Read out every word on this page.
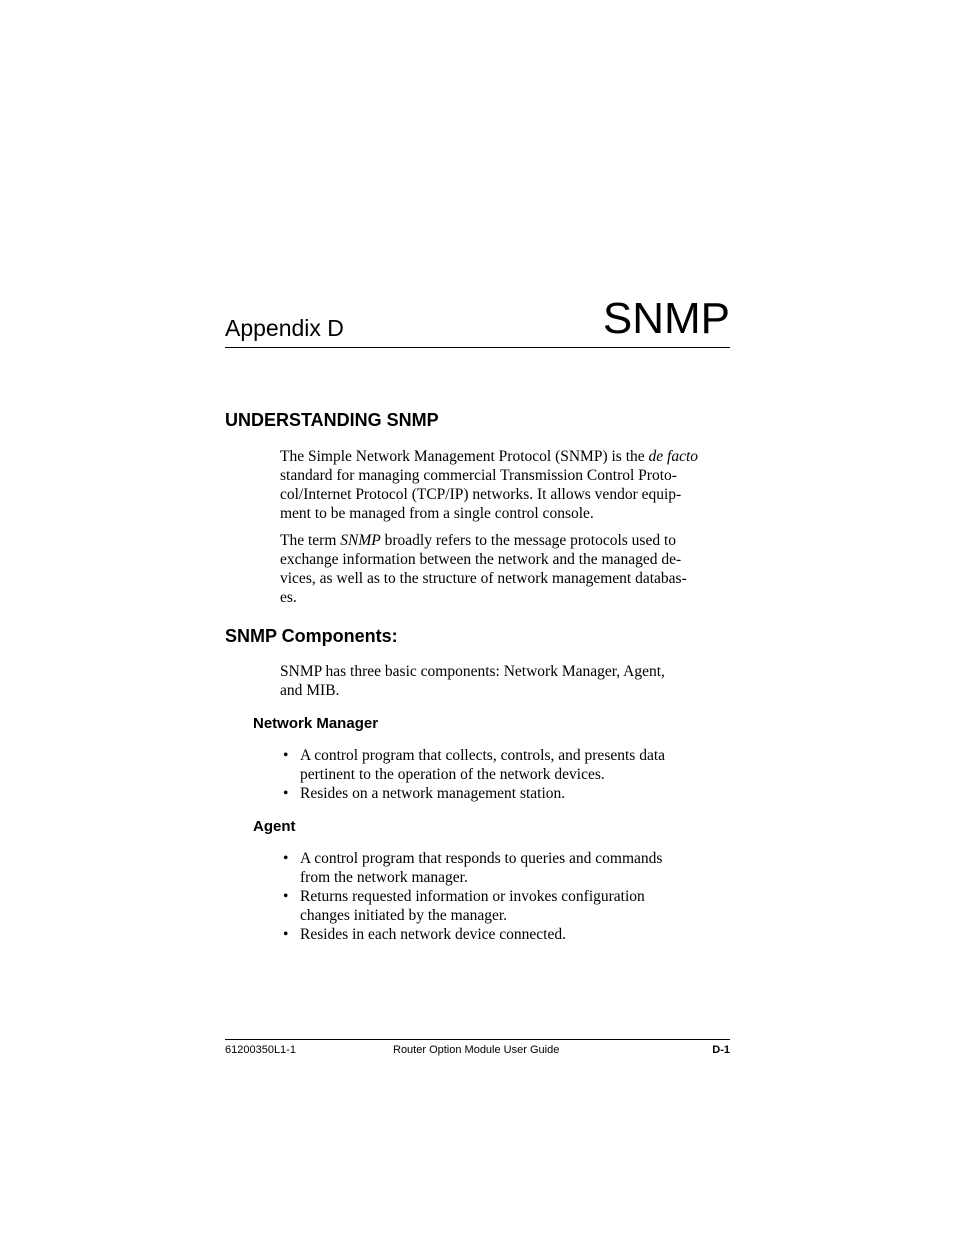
Appendix D	SNMP
UNDERSTANDING SNMP

The Simple Network Management Protocol (SNMP) is the de facto
standard for managing commercial Transmission Control Proto-
col/Internet Protocol (TCP/IP) networks. It allows vendor equip-
ment to be managed from a single control console.

The term SNMP broadly refers to the message protocols used to
exchange information between the network and the managed de-
vices, as well as to the structure of network management databas-
es.

SNMP Components:

SNMP has three basic components: Network Manager, Agent,
and MIB.

Network Manager
• A control program that collects, controls, and presents data
pertinent to the operation of the network devices.
• Resides on a network management station.
Agent
• A control program that responds to queries and commands
from the network manager.
• Returns requested information or invokes configuration
changes initiated by the manager.
• Resides in each network device connected.
61200350L1-1	Router Option Module User Guide	D-1
